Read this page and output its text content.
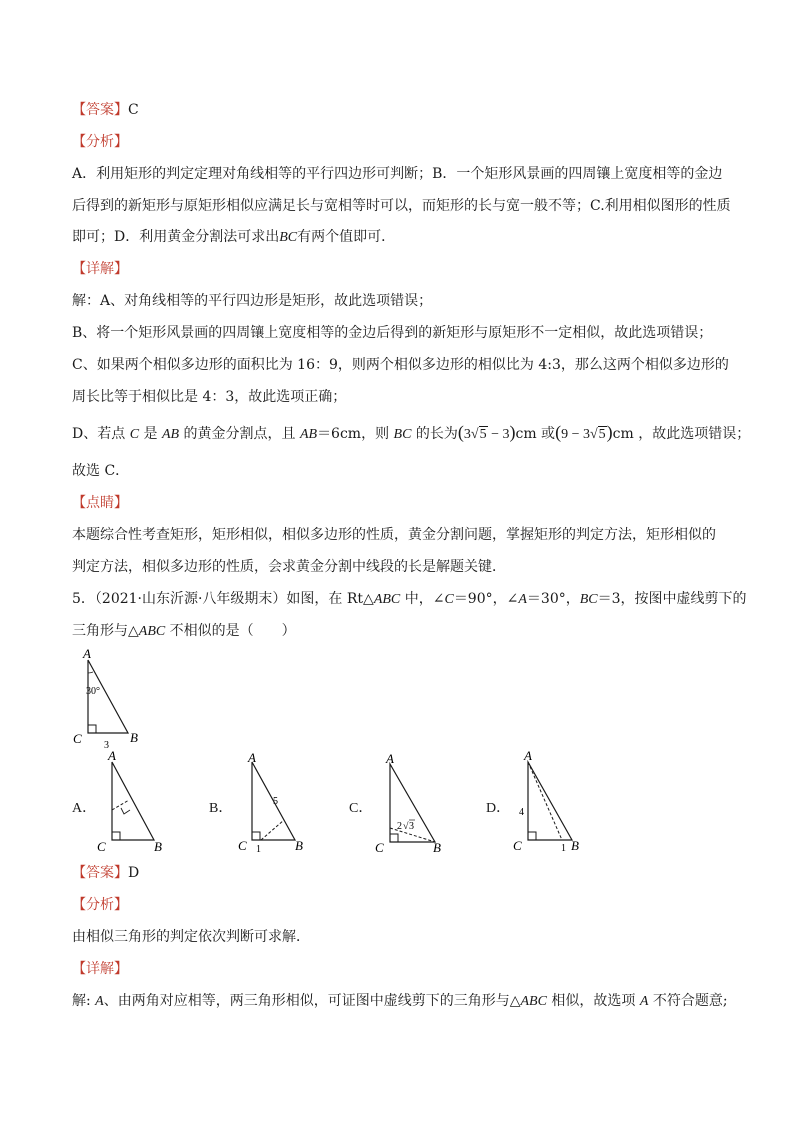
【答案】C
【分析】
A．利用矩形的判定定理对角线相等的平行四边形可判断；B．一个矩形风景画的四周镶上宽度相等的金边
后得到的新矩形与原矩形相似应满足长与宽相等时可以，而矩形的长与宽一般不等；C.利用相似图形的性质
即可；D．利用黄金分割法可求出BC有两个值即可．
【详解】
解：A、对角线相等的平行四边形是矩形，故此选项错误；
B、将一个矩形风景画的四周镶上宽度相等的金边后得到的新矩形与原矩形不一定相似，故此选项错误；
C、如果两个相似多边形的面积比为 16：9，则两个相似多边形的相似比为 4:3，那么这两个相似多边形的
周长比等于相似比是 4：3，故此选项正确；
D、若点 C 是 AB 的黄金分割点，且 AB＝6cm，则 BC 的长为(3√5 − 3)cm 或(9 − 3√5)cm ，故此选项错误；
故选 C．
【点睛】
本题综合性考查矩形，矩形相似，相似多边形的性质，黄金分割问题，掌握矩形的判定方法，矩形相似的
判定方法，相似多边形的性质，会求黄金分割中线段的长是解题关键．
5．（2021·山东沂源·八年级期末）如图，在 Rt△ABC 中，∠C＝90°，∠A＝30°，BC＝3，按图中虚线剪下的
三角形与△ABC 不相似的是（　　）
A
C	B
30°
3
A．
A
C	B
B．
A
C	B
5
1
C．
A
C	B
2 √ 3
D．
A
C	B
4
1
【答案】D
【分析】
由相似三角形的判定依次判断可求解．
【详解】
解: A、由两角对应相等，两三角形相似，可证图中虚线剪下的三角形与△ABC 相似，故选项 A 不符合题意;
